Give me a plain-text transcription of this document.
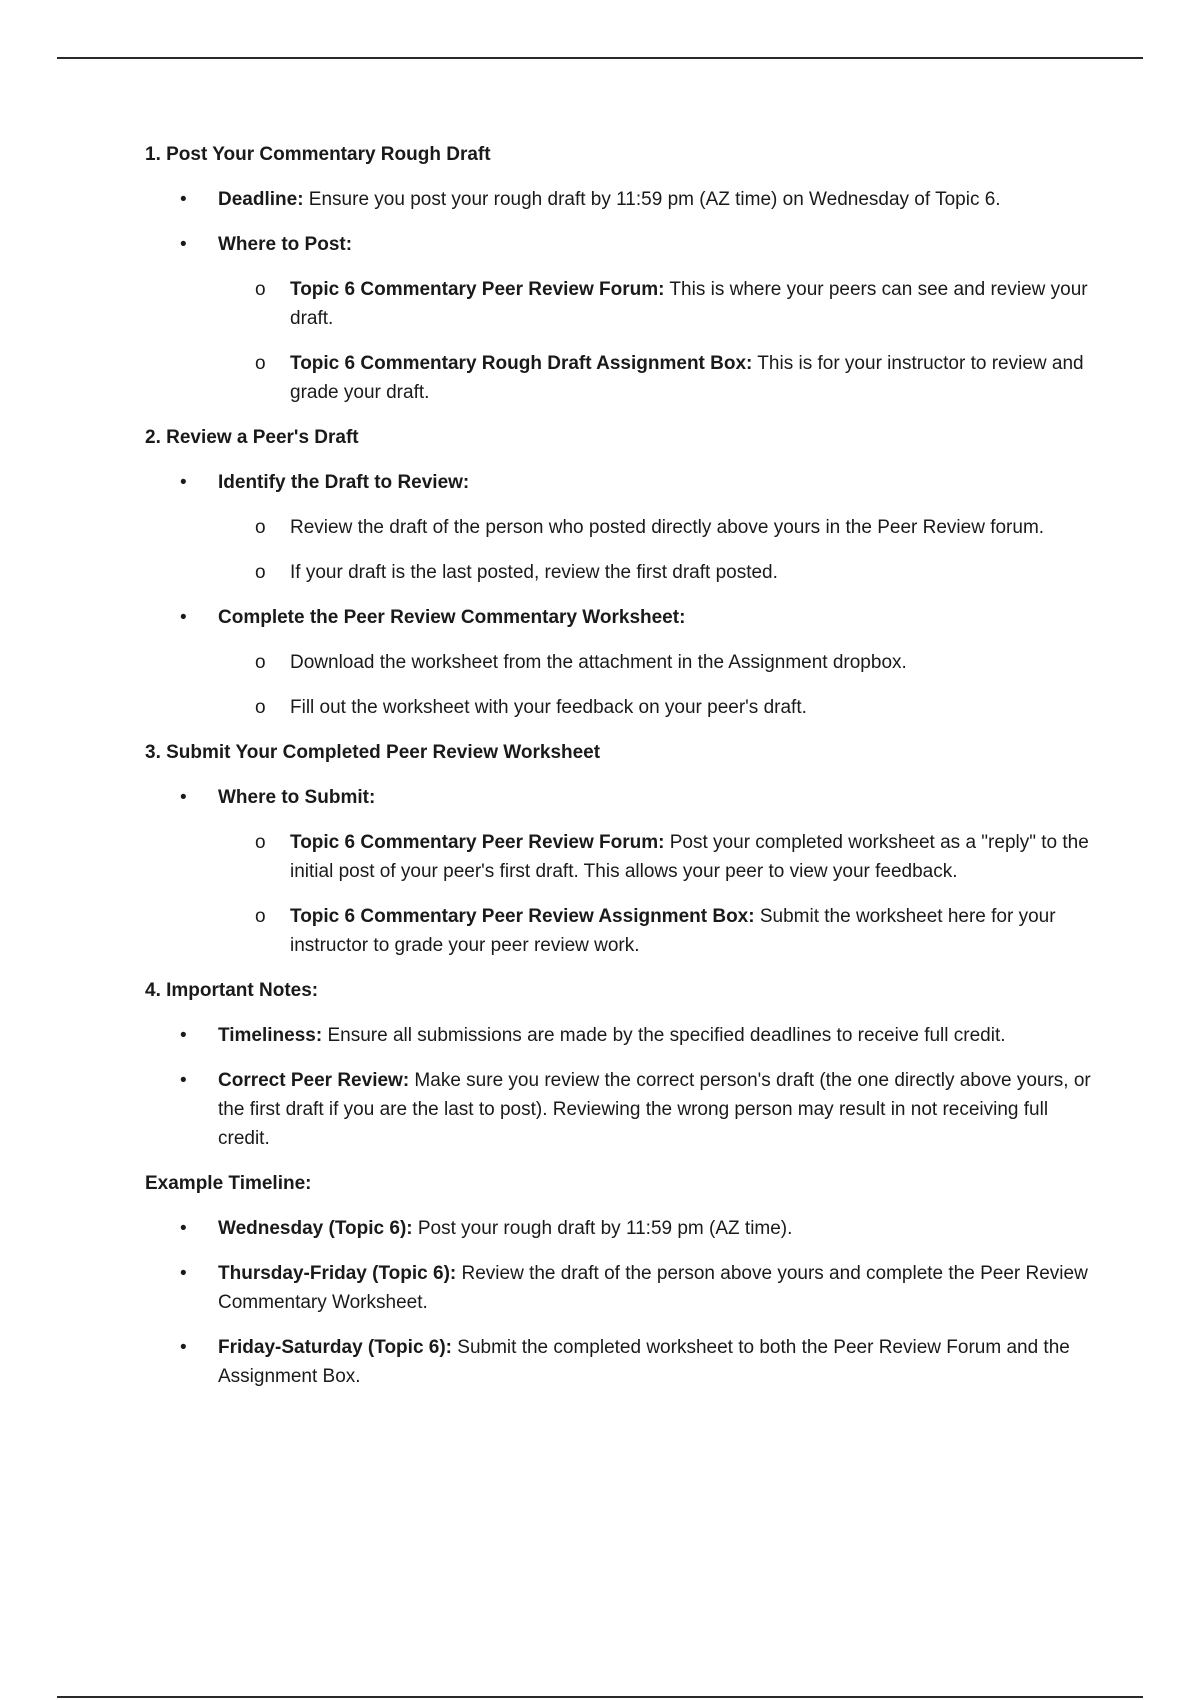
1. Post Your Commentary Rough Draft
• Deadline: Ensure you post your rough draft by 11:59 pm (AZ time) on Wednesday of Topic 6.
• Where to Post:
o Topic 6 Commentary Peer Review Forum: This is where your peers can see and review your draft.
o Topic 6 Commentary Rough Draft Assignment Box: This is for your instructor to review and grade your draft.
2. Review a Peer's Draft
• Identify the Draft to Review:
o Review the draft of the person who posted directly above yours in the Peer Review forum.
o If your draft is the last posted, review the first draft posted.
• Complete the Peer Review Commentary Worksheet:
o Download the worksheet from the attachment in the Assignment dropbox.
o Fill out the worksheet with your feedback on your peer's draft.
3. Submit Your Completed Peer Review Worksheet
• Where to Submit:
o Topic 6 Commentary Peer Review Forum: Post your completed worksheet as a "reply" to the initial post of your peer's first draft. This allows your peer to view your feedback.
o Topic 6 Commentary Peer Review Assignment Box: Submit the worksheet here for your instructor to grade your peer review work.
4. Important Notes:
• Timeliness: Ensure all submissions are made by the specified deadlines to receive full credit.
• Correct Peer Review: Make sure you review the correct person's draft (the one directly above yours, or the first draft if you are the last to post). Reviewing the wrong person may result in not receiving full credit.
Example Timeline:
• Wednesday (Topic 6): Post your rough draft by 11:59 pm (AZ time).
• Thursday-Friday (Topic 6): Review the draft of the person above yours and complete the Peer Review Commentary Worksheet.
• Friday-Saturday (Topic 6): Submit the completed worksheet to both the Peer Review Forum and the Assignment Box.
